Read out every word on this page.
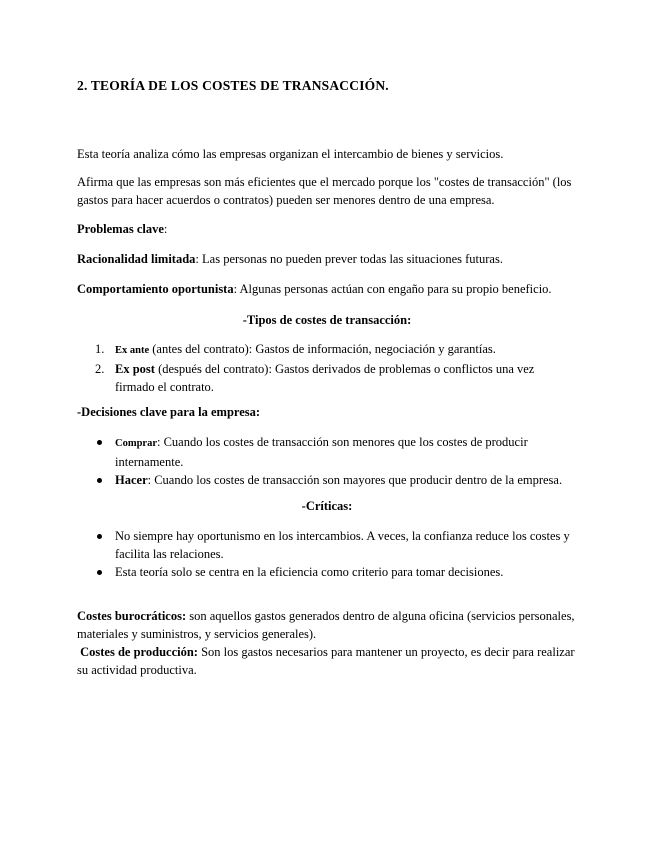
2. TEORÍA DE LOS COSTES DE TRANSACCIÓN.

Esta teoría analiza cómo las empresas organizan el intercambio de bienes y servicios.

Afirma que las empresas son más eficientes que el mercado porque los "costes de transacción" (los gastos para hacer acuerdos o contratos) pueden ser menores dentro de una empresa.

Problemas clave:

Racionalidad limitada: Las personas no pueden prever todas las situaciones futuras.

Comportamiento oportunista: Algunas personas actúan con engaño para su propio beneficio.

-Tipos de costes de transacción:

1. Ex ante (antes del contrato): Gastos de información, negociación y garantías.
2. Ex post (después del contrato): Gastos derivados de problemas o conflictos una vez firmado el contrato.

-Decisiones clave para la empresa:

Comprar: Cuando los costes de transacción son menores que los costes de producir internamente.
Hacer: Cuando los costes de transacción son mayores que producir dentro de la empresa.

-Críticas:

No siempre hay oportunismo en los intercambios. A veces, la confianza reduce los costes y facilita las relaciones.
Esta teoría solo se centra en la eficiencia como criterio para tomar decisiones.

Costes burocráticos: son aquellos gastos generados dentro de alguna oficina (servicios personales, materiales y suministros, y servicios generales).

Costes de producción: Son los gastos necesarios para mantener un proyecto, es decir para realizar su actividad productiva.
